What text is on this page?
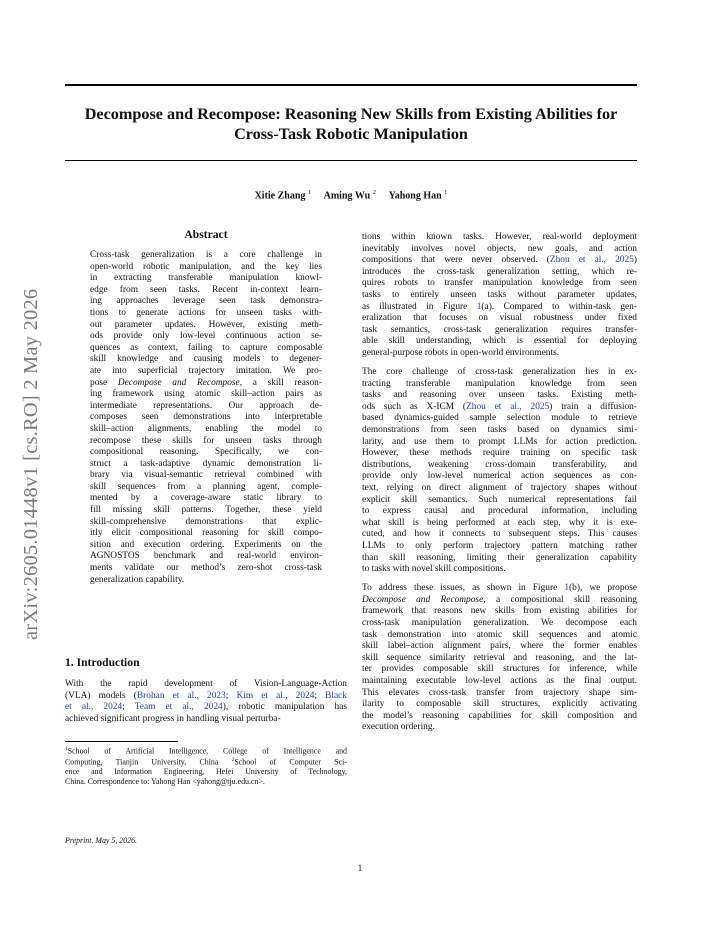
Decompose and Recompose: Reasoning New Skills from Existing Abilities for
Cross-Task Robotic Manipulation
Xitie Zhang $^1$ Aming Wu $^2$ Yahong Han $^1$
arXiv:2605.01448v1 [cs.RO] 2 May 2026
Abstract
Cross-task generalization is a core challenge in
open-world robotic manipulation, and the key lies
in extracting transferable manipulation knowl-
edge from seen tasks. Recent in-context learn-
ing approaches leverage seen task demonstra-
tions to generate actions for unseen tasks with-
out parameter updates. However, existing meth-
ods provide only low-level continuous action se-
quences as context, failing to capture composable
skill knowledge and causing models to degener-
ate into superficial trajectory imitation. We pro-
pose Decompose and Recompose, a skill reason-
ing framework using atomic skill–action pairs as
intermediate representations. Our approach de-
composes seen demonstrations into interpretable
skill–action alignments, enabling the model to
recompose these skills for unseen tasks through
compositional reasoning. Specifically, we con-
struct a task-adaptive dynamic demonstration li-
brary via visual-semantic retrieval combined with
skill sequences from a planning agent, comple-
mented by a coverage-aware static library to
fill missing skill patterns. Together, these yield
skill-comprehensive demonstrations that explic-
itly elicit compositional reasoning for skill compo-
sition and execution ordering. Experiments on the
AGNOSTOS benchmark and real-world environ-
ments validate our method’s zero-shot cross-task
generalization capability.
1. Introduction
With the rapid development of Vision-Language-Action
(VLA) models (Brohan et al., 2023; Kim et al., 2024; Black
et al., 2024; Team et al., 2024), robotic manipulation has
achieved significant progress in handling visual perturba-
$^1$School of Artificial Intelligence, College of Intelligence and
Computing, Tianjin University, China $^2$School of Computer Sci-
ence and Information Engineering, Hefei University of Technology,
China. Correspondence to: Yahong Han <yahong@tju.edu.cn>.
Preprint. May 5, 2026.
tions within known tasks. However, real-world deployment
inevitably involves novel objects, new goals, and action
compositions that were never observed. (Zhou et al., 2025)
introduces the cross-task generalization setting, which re-
quires robots to transfer manipulation knowledge from seen
tasks to entirely unseen tasks without parameter updates,
as illustrated in Figure 1(a). Compared to within-task gen-
eralization that focuses on visual robustness under fixed
task semantics, cross-task generalization requires transfer-
able skill understanding, which is essential for deploying
general-purpose robots in open-world environments.
The core challenge of cross-task generalization lies in ex-
tracting transferable manipulation knowledge from seen
tasks and reasoning over unseen tasks. Existing meth-
ods such as X-ICM (Zhou et al., 2025) train a diffusion-
based dynamics-guided sample selection module to retrieve
demonstrations from seen tasks based on dynamics simi-
larity, and use them to prompt LLMs for action prediction.
However, these methods require training on specific task
distributions, weakening cross-domain transferability, and
provide only low-level numerical action sequences as con-
text, relying on direct alignment of trajectory shapes without
explicit skill semantics. Such numerical representations fail
to express causal and procedural information, including
what skill is being performed at each step, why it is exe-
cuted, and how it connects to subsequent steps. This causes
LLMs to only perform trajectory pattern matching rather
than skill reasoning, limiting their generalization capability
to tasks with novel skill compositions.
To address these issues, as shown in Figure 1(b), we propose
Decompose and Recompose, a compositional skill reasoning
framework that reasons new skills from existing abilities for
cross-task manipulation generalization. We decompose each
task demonstration into atomic skill sequences and atomic
skill label–action alignment pairs, where the former enables
skill sequence similarity retrieval and reasoning, and the lat-
ter provides composable skill structures for inference, while
maintaining executable low-level actions as the final output.
This elevates cross-task transfer from trajectory shape sim-
ilarity to composable skill structures, explicitly activating
the model’s reasoning capabilities for skill composition and
execution ordering.
1
